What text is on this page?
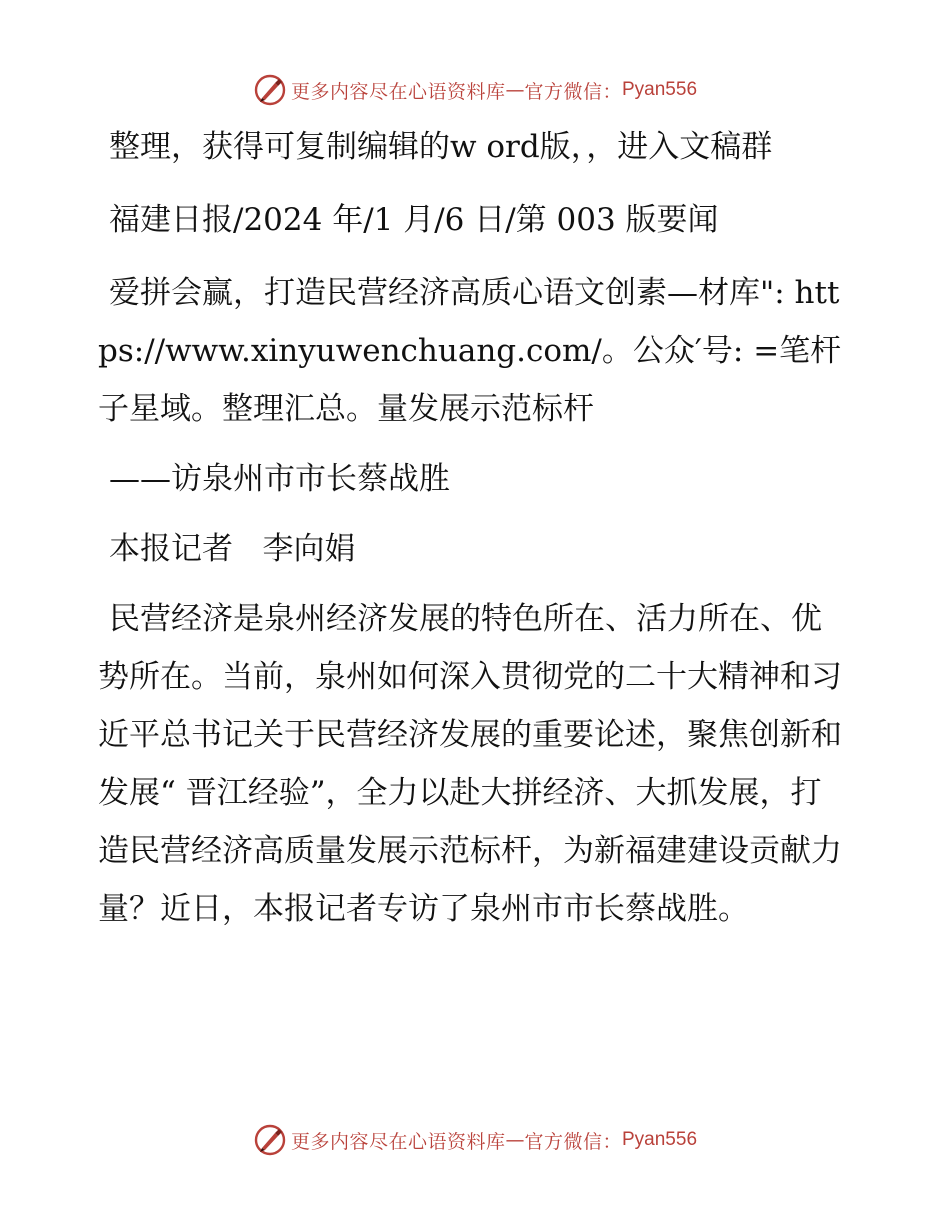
更多内容尽在心语资料库 — 官方微信： Pyan556

整理，获得可复制编辑的w ord版，，进入文稿群

福建日报/2024 年/1 月/6 日/第 003 版要闻

爱拼会赢，打造民营经济高质心语文创素—材库": https://www.xinyuwenchuang.com/。公众′号: =笔杆子星域。整理汇总。量发展示范标杆

——访泉州市市长蔡战胜

本报记者   李向娟

民营经济是泉州经济发展的特色所在、活力所在、优势所在。当前，泉州如何深入贯彻党的二十大精神和习近平总书记关于民营经济发展的重要论述，聚焦创新和发展“ 晋江经验”，全力以赴大拼经济、大抓发展，打造民营经济高质量发展示范标杆，为新福建建设贡献力量？近日，本报记者专访了泉州市市长蔡战胜。

更多内容尽在心语资料库 — 官方微信： Pyan556
